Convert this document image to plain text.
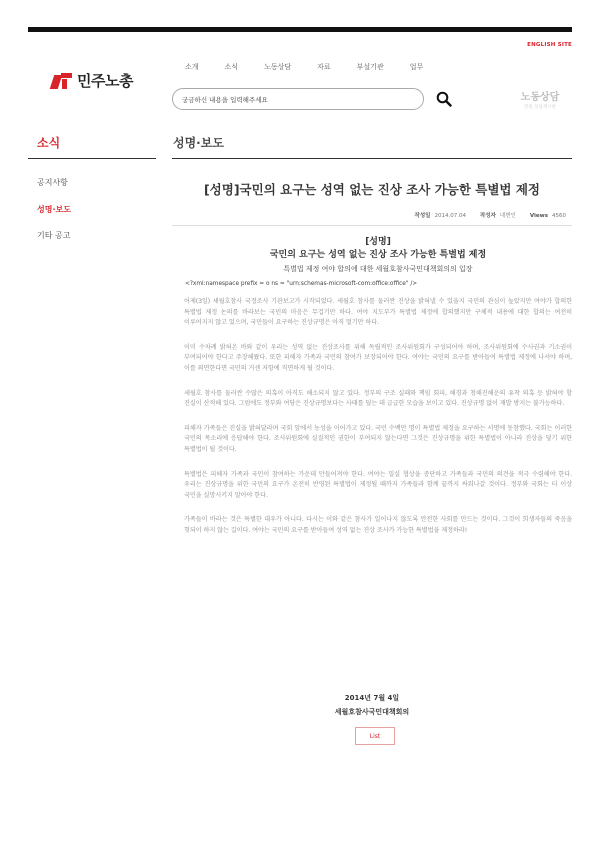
ENGLISH SITE
민주노총
소개	소식	노동상담	자료	부설기관	업무
궁금하신 내용을 입력해주세요
노동상담
민원 상담게시판
소식
공지사항
성명·보도
기타 공고
성명·보도
[성명]국민의 요구는 성역 없는 진상 조사 가능한 특별법 제정
작성일 2014.07.04	작성자 대변인	Views 4560
[성명]
국민의 요구는 성역 없는 진상 조사 가능한 특별법 제정
특별법 제정 여야 합의에 대한 세월호참사국민대책회의의 입장
<?xml:namespace prefix = o ns = "urn:schemas-microsoft-com:office:office" />

어제(3일) 세월호참사 국정조사 기관보고가 시작되었다. 세월호 참사를 둘러싼 진상을 밝혀낼 수 있을지 국민의 관심이 높았지만 여야가 합의한 특별법 제정 논의를 바라보는 국민의 마음은 무겁기만 하다. 여야 지도부가 특별법 제정에 합의했지만 구체적 내용에 대한 합의는 여전히 이루어지지 않고 있으며, 국민들이 요구하는 진상규명은 아직 멀기만 하다.

이미 수차례 밝혀온 바와 같이 우리는 성역 없는 진상조사를 위해 독립적인 조사위원회가 구성되어야 하며, 조사위원회에 수사권과 기소권이 부여되어야 한다고 주장해왔다. 또한 피해자 가족과 국민의 참여가 보장되어야 한다. 여야는 국민의 요구를 받아들여 특별법 제정에 나서야 하며, 이를 외면한다면 국민의 거센 저항에 직면하게 될 것이다.

세월호 참사를 둘러싼 수많은 의혹이 아직도 해소되지 않고 있다. 정부의 구조 실패와 책임 회피, 해경과 청해진해운의 유착 의혹 등 밝혀야 할 진실이 산적해 있다. 그럼에도 정부와 여당은 진상규명보다는 사태를 덮는 데 급급한 모습을 보이고 있다. 진상규명 없이 재발 방지는 불가능하다.

피해자 가족들은 진실을 밝혀달라며 국회 앞에서 농성을 이어가고 있다. 국민 수백만 명이 특별법 제정을 요구하는 서명에 동참했다. 국회는 이러한 국민의 목소리에 응답해야 한다. 조사위원회에 실질적인 권한이 부여되지 않는다면 그것은 진상규명을 위한 특별법이 아니라 진상을 덮기 위한 특별법이 될 것이다.

특별법은 피해자 가족과 국민이 참여하는 가운데 만들어져야 한다. 여야는 밀실 협상을 중단하고 가족들과 국민의 의견을 적극 수렴해야 한다. 우리는 진상규명을 위한 국민의 요구가 온전히 반영된 특별법이 제정될 때까지 가족들과 함께 끝까지 싸워나갈 것이다. 정부와 국회는 더 이상 국민을 실망시키지 말아야 한다.

가족들이 바라는 것은 특별한 대우가 아니다. 다시는 이와 같은 참사가 일어나지 않도록 안전한 사회를 만드는 것이다. 그것이 희생자들의 죽음을 헛되이 하지 않는 길이다. 여야는 국민의 요구를 받아들여 성역 없는 진상 조사가 가능한 특별법을 제정하라!

2014년 7월 4일
세월호참사국민대책회의
List
